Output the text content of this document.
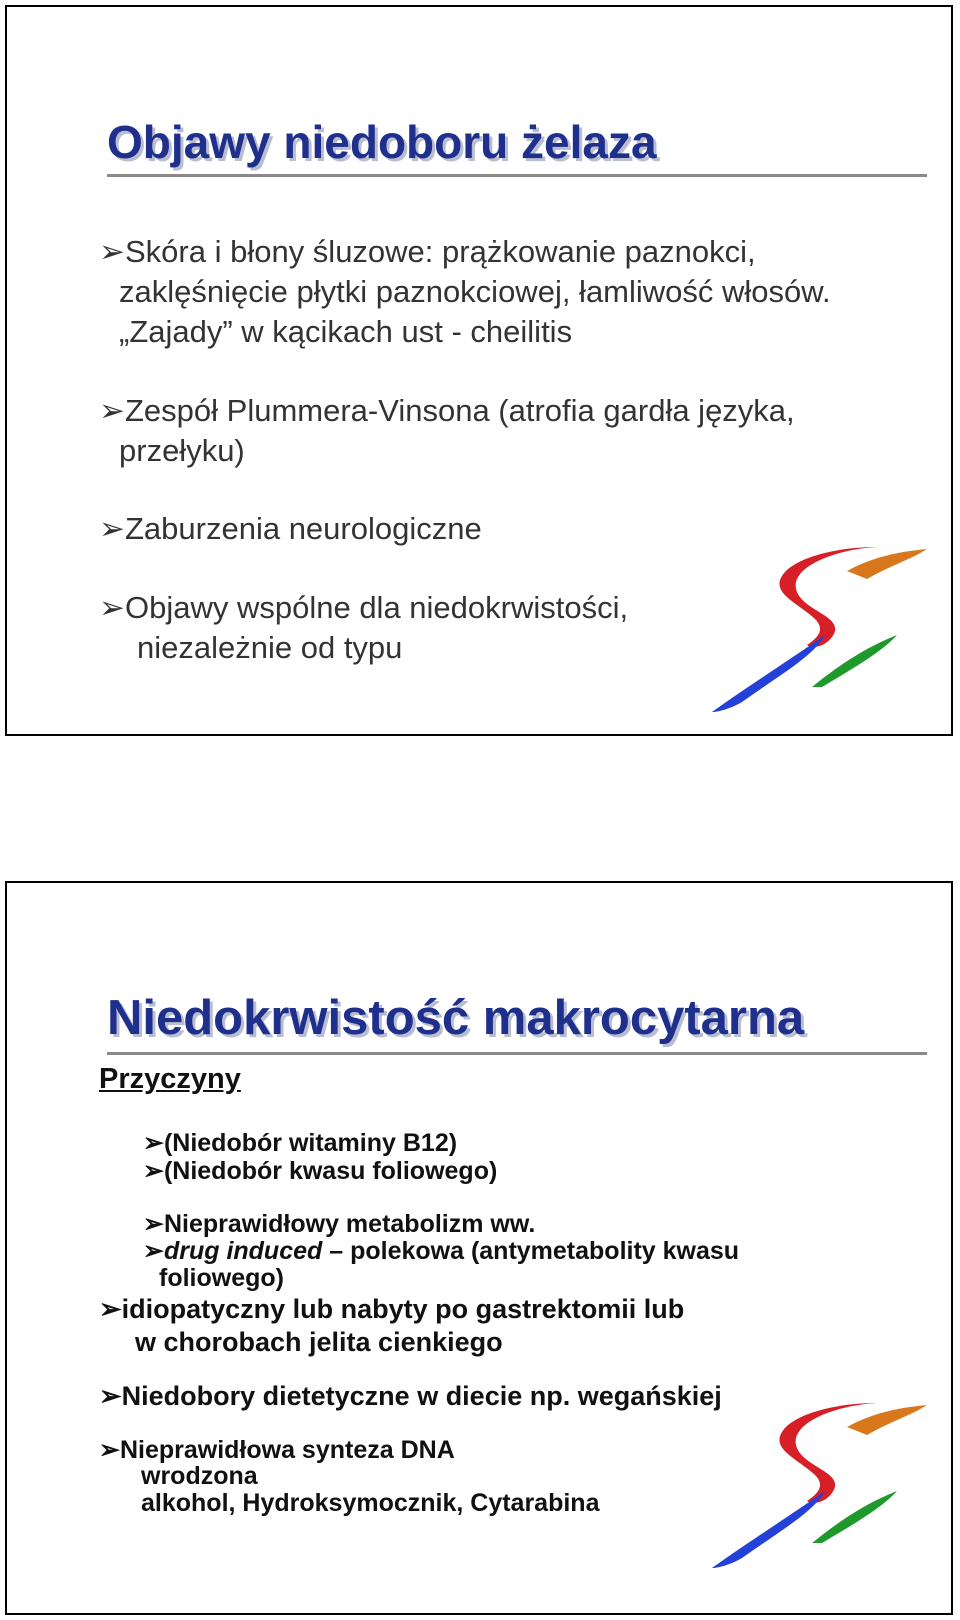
Objawy niedoboru żelaza
➢Skóra i błony śluzowe: prążkowanie paznokci,
zaklęśnięcie płytki paznokciowej, łamliwość włosów.
„Zajady” w kącikach ust - cheilitis
➢Zespół Plummera-Vinsona (atrofia gardła języka,
przełyku)
➢Zaburzenia neurologiczne
➢Objawy wspólne dla niedokrwistości,
niezależnie od typu
Niedokrwistość makrocytarna
Przyczyny
➢(Niedobór witaminy B12)
➢(Niedobór kwasu foliowego)
➢Nieprawidłowy metabolizm ww.
➢drug induced – polekowa (antymetabolity kwasu
foliowego)
➢idiopatyczny lub nabyty po gastrektomii lub
w chorobach jelita cienkiego
➢Niedobory dietetyczne w diecie np. wegańskiej
➢Nieprawidłowa synteza DNA
wrodzona
alkohol, Hydroksymocznik, Cytarabina
